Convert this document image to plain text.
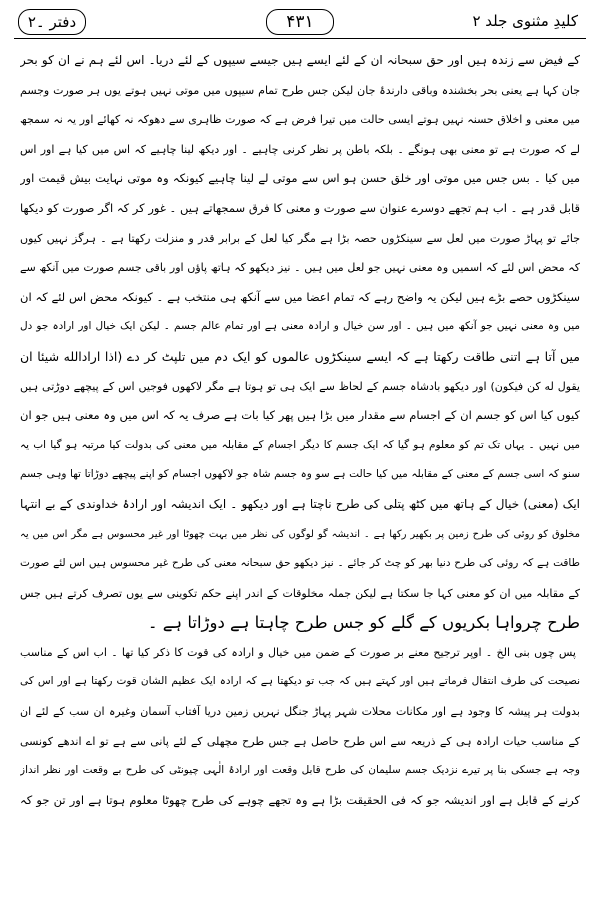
دفتر ۔۲	۴۳۱	کلیدِ مثنوی جلد ۲
کے فیض سے زندہ ہیں اور حق سبحانہ ان کے لئے ایسے ہیں جیسے سیپوں کے لئے دریا۔ اس لئے ہم نے ان کو بحر
جان کہا ہے یعنی بحر بخشندہ وباقی دارندۂ جان لیکن جس طرح تمام سیپوں میں موتی نہیں ہوتے یوں ہر صورت وجسم
میں معنی و اخلاق حسنہ نہیں ہوتے ایسی حالت میں تیرا فرض ہے کہ صورت ظاہری سے دھوکہ نہ کھائے اور یہ نہ سمجھ
لے کہ صورت ہے تو معنی بھی ہونگے ۔ بلکہ باطن پر نظر کرنی چاہیے ۔ اور دیکھ لینا چاہیے کہ اس میں کیا ہے اور اس
میں کیا ۔ بس جس میں موتی اور خلق حسن ہو اس سے موتی لے لینا چاہیے کیونکہ وہ موتی نہایت بیش قیمت اور
قابل قدر ہے ۔ اب ہم تجھے دوسرے عنوان سے صورت و معنی کا فرق سمجھاتے ہیں ۔ غور کر کہ اگر صورت کو دیکھا
جائے تو پہاڑ صورت میں لعل سے سینکڑوں حصہ بڑا ہے مگر کیا لعل کے برابر قدر و منزلت رکھتا ہے ۔ ہرگز نہیں کیوں
کہ محض اس لئے کہ اسمیں وہ معنی نہیں جو لعل میں ہیں ۔ نیز دیکھو کہ ہاتھ پاؤں اور باقی جسم صورت میں آنکھ سے
سینکڑوں حصے بڑے ہیں لیکن یہ واضح رہے کہ تمام اعضا میں سے آنکھ ہی منتخب ہے ۔ کیونکہ محض اس لئے کہ ان
میں وہ معنی نہیں جو آنکھ میں ہیں ۔ اور سن خیال و ارادہ معنی ہے اور تمام عالم جسم ۔ لیکن ایک خیال اور ارادہ جو دل
میں آتا ہے اتنی طاقت رکھتا ہے کہ ایسے سینکڑوں عالموں کو ایک دم میں تلپٹ کر دے (اذا ارادالله شیئا ان
یقول له کن فیکون) اور دیکھو بادشاہ جسم کے لحاظ سے ایک ہی تو ہوتا ہے مگر لاکھوں فوجیں اس کے پیچھے دوڑتی ہیں
کیوں کیا اس کو جسم ان کے اجسام سے مقدار میں بڑا ہیں پھر کیا بات ہے صرف یہ کہ اس میں وہ معنی ہیں جو ان
میں نہیں ۔ یہاں تک تم کو معلوم ہو گیا کہ ایک جسم کا دیگر اجسام کے مقابلہ میں معنی کی بدولت کیا مرتبہ ہو گیا اب یہ
سنو کہ اسی جسم کے معنی کے مقابلہ میں کیا حالت ہے سو وہ جسم شاہ جو لاکھوں اجسام کو اپنے پیچھے دوڑاتا تھا وہی جسم
ایک (معنی) خیال کے ہاتھ میں کٹھ پتلی کی طرح ناچتا ہے اور دیکھو ۔ ایک اندیشہ اور ارادۂ خداوندی کے بے انتہا
مخلوق کو روئی کی طرح زمین پر بکھیر رکھا ہے ۔ اندیشہ گو لوگوں کی نظر میں بہت چھوٹا اور غیر محسوس ہے مگر اس میں یہ
طاقت ہے کہ روئی کی طرح دنیا بھر کو چٹ کر جائے ۔ نیز دیکھو حق سبحانہ معنی کی طرح غیر محسوس ہیں اس لئے صورت
کے مقابلہ میں ان کو معنی کہا جا سکتا ہے لیکن جملہ مخلوقات کے اندر اپنے حکم تکوینی سے یوں تصرف کرتے ہیں جس
طرح چرواہا بکریوں کے گلے کو جس طرح چاہتا ہے دوڑاتا ہے ۔
پس چوں بنی الخ ۔ اوپر ترجیح معنے بر صورت کے ضمن میں خیال و ارادہ کی قوت کا ذکر کیا تھا ۔ اب اس کے مناسب
نصیحت کی طرف انتقال فرماتے ہیں اور کہتے ہیں کہ جب تو دیکھتا ہے کہ ارادہ ایک عظیم الشان قوت رکھتا ہے اور اس کی
بدولت ہر پیشہ کا وجود ہے اور مکانات محلات شہر پہاڑ جنگل نہریں زمین دریا آفتاب آسمان وغیرہ ان سب کے لئے ان
کے مناسب حیات ارادہ ہی کے ذریعہ سے اس طرح حاصل ہے جس طرح مچھلی کے لئے پانی سے ہے تو اے اندھے کونسی
وجہ ہے جسکی بنا پر تیرے نزدیک جسم سلیمان کی طرح قابل وقعت اور ارادۂ الٰہی چیونٹی کی طرح بے وقعت اور نظر انداز
کرنے کے قابل ہے اور اندیشہ جو کہ فی الحقیقت بڑا ہے وہ تجھے چوہے کی طرح چھوٹا معلوم ہوتا ہے اور تن جو کہ
